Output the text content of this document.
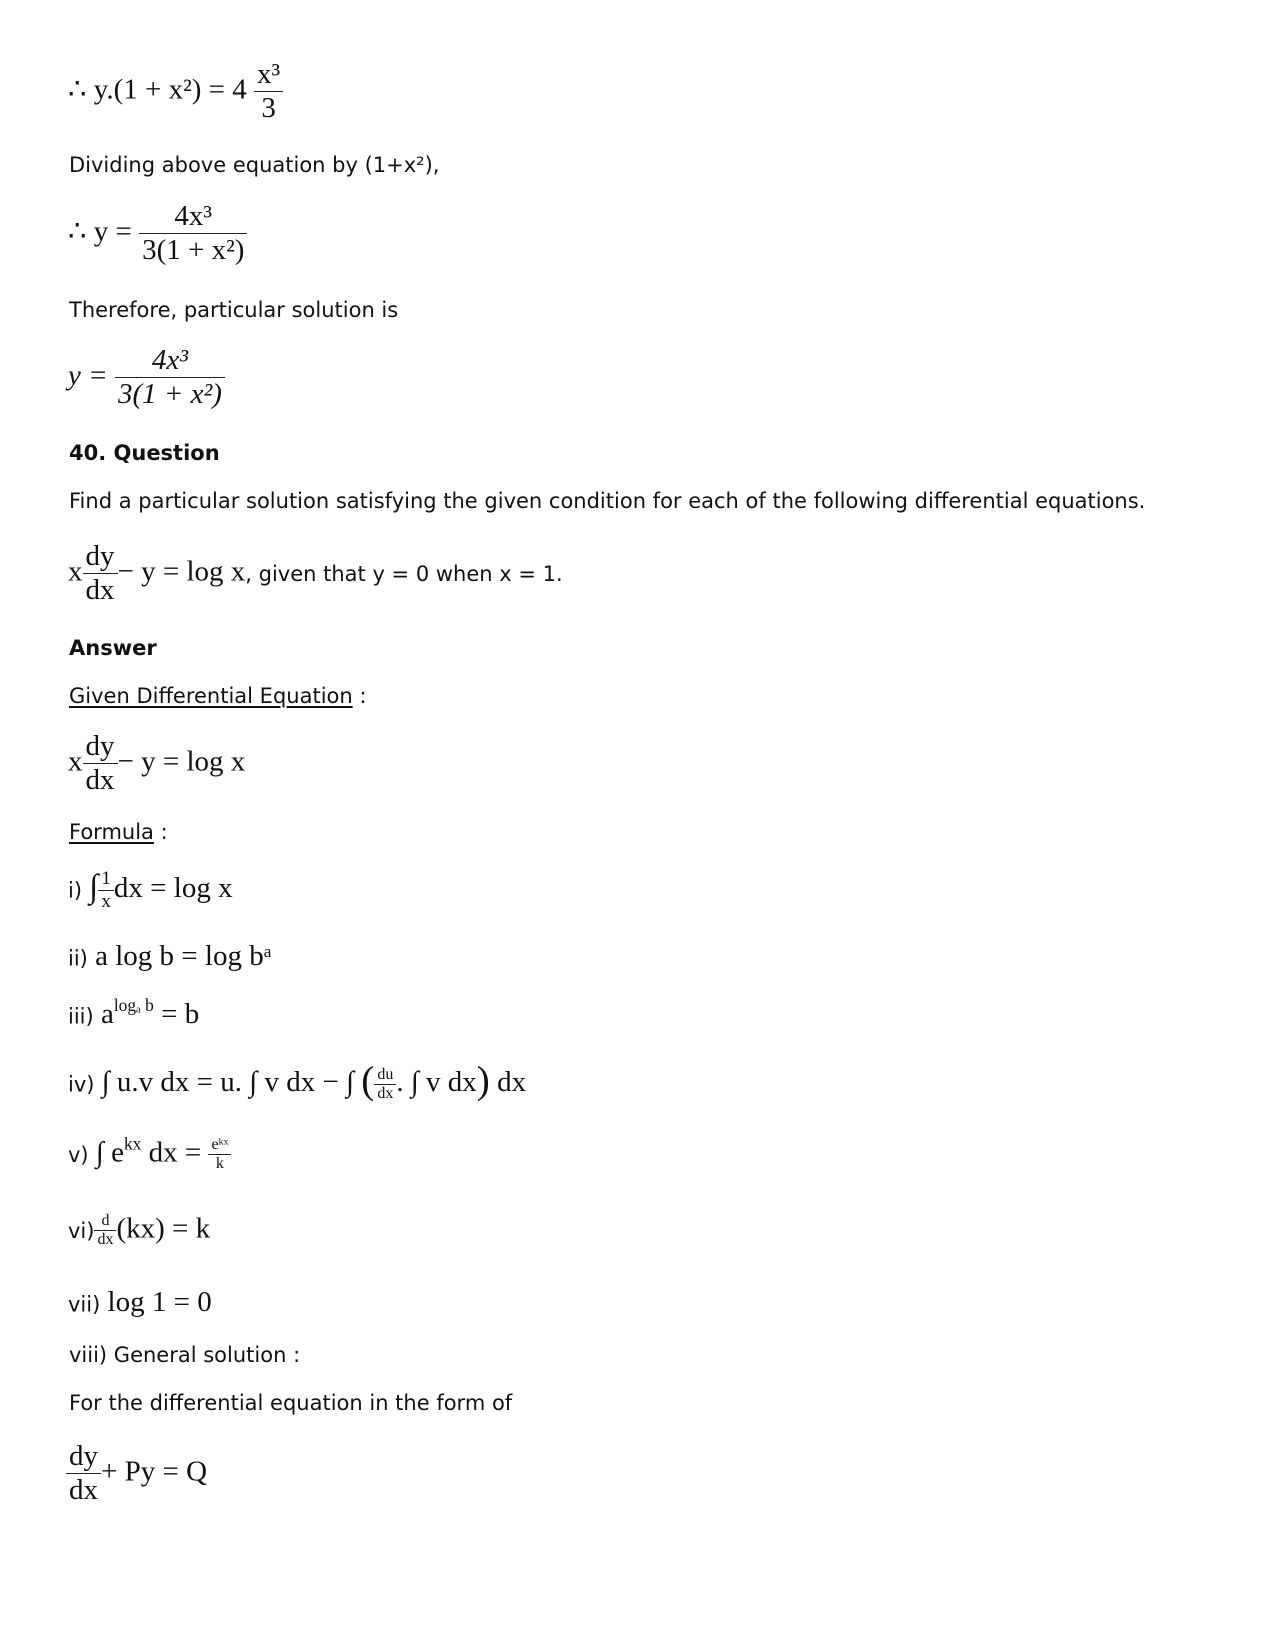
∴ $y.(1 + x^2) = 4 \frac{\text{x³}}{3}$
Dividing above equation by (1+x²),
∴ $y = \frac{\text{4x³}}{\text{3(1 + x²)}}$
Therefore, particular solution is
$y = \frac{\text{4x³}}{\text{3(1 + x²)}}$
40. Question
Find a particular solution satisfying the given condition for each of the following differential equations.
x $\frac{dy}{dx} - y = \log x$, given that y = 0 when x = 1.
Answer
Given Differential Equation :
x $\frac{dy}{dx} - y = \log x$
Formula :
i) ∫ $\frac{1}{x}$ dx = log x
ii) a log b = log bᵃ
iii) $a^{log_a b} = b$
iv) ∫ u.v dx = u. ∫ v dx − ∫ ( $\frac{du}{dx}$ . ∫ v dx) dx
v) ∫ $e^{kx}$ dx = $\frac{\text{eᵏˣ}}{k}$
$vi) \frac{d}{dx} (kx) = k$
vii) log 1 = 0
viii) General solution :
For the differential equation in the form of
$\frac{dy}{dx} + Py = Q$
